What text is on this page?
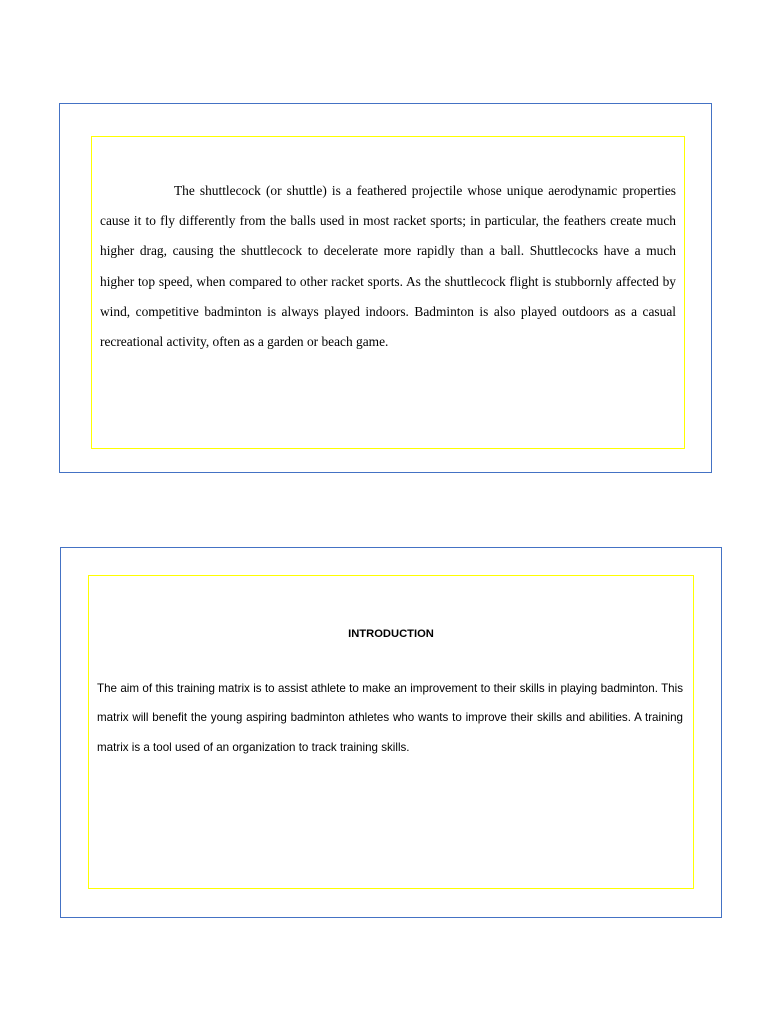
The shuttlecock (or shuttle) is a feathered projectile whose unique aerodynamic properties cause it to fly differently from the balls used in most racket sports; in particular, the feathers create much higher drag, causing the shuttlecock to decelerate more rapidly than a ball. Shuttlecocks have a much higher top speed, when compared to other racket sports. As the shuttlecock flight is stubbornly affected by wind, competitive badminton is always played indoors. Badminton is also played outdoors as a casual recreational activity, often as a garden or beach game.

INTRODUCTION

The aim of this training matrix is to assist athlete to make an improvement to their skills in playing badminton. This matrix will benefit the young aspiring badminton athletes who wants to improve their skills and abilities. A training matrix is a tool used of an organization to track training skills.
